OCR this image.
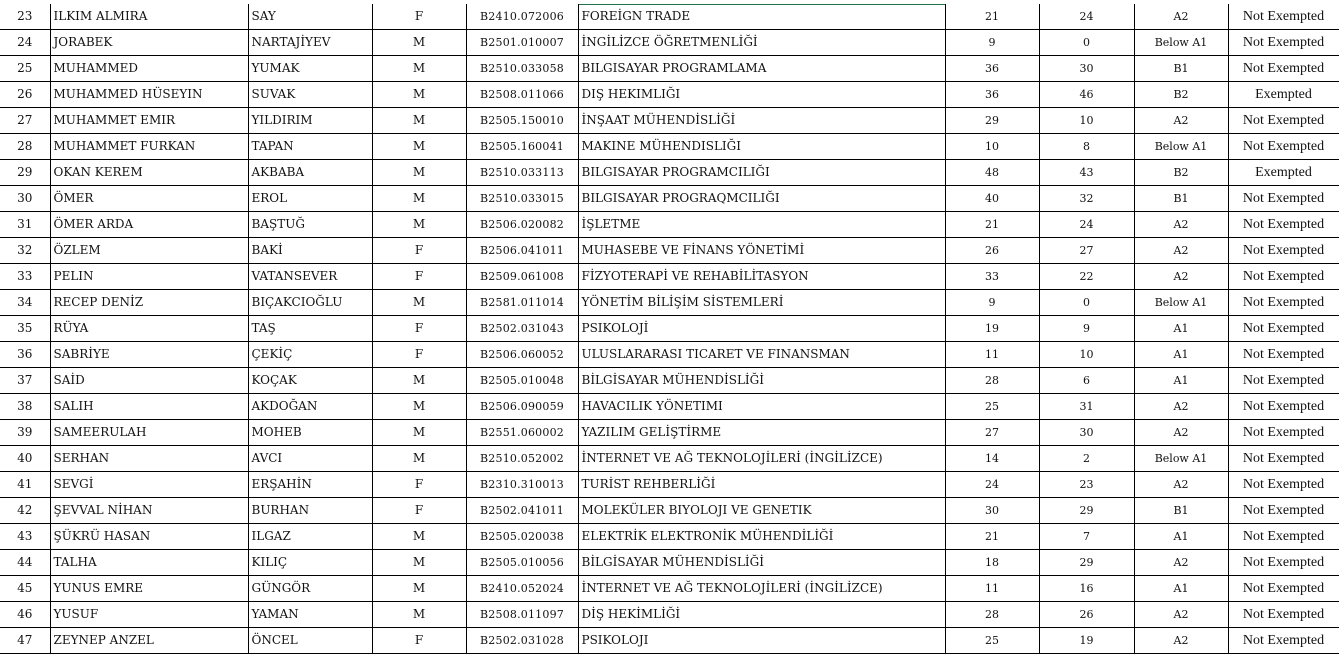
23	ILKIM ALMIRA	SAY	F	B2410.072006	FOREİGN TRADE	21	24	A2	Not Exempted
24	JORABEK	NARTAJİYEV	M	B2501.010007	İNGİLİZCE ÖĞRETMENLİĞİ	9	0	Below A1	Not Exempted
25	MUHAMMED	YUMAK	M	B2510.033058	BILGISAYAR PROGRAMLAMA	36	30	B1	Not Exempted
26	MUHAMMED HÜSEYIN	SUVAK	M	B2508.011066	DIŞ HEKIMLIĞI	36	46	B2	Exempted
27	MUHAMMET EMIR	YILDIRIM	M	B2505.150010	İNŞAAT MÜHENDİSLİĞİ	29	10	A2	Not Exempted
28	MUHAMMET FURKAN	TAPAN	M	B2505.160041	MAKINE MÜHENDISLIĞI	10	8	Below A1	Not Exempted
29	OKAN KEREM	AKBABA	M	B2510.033113	BILGISAYAR PROGRAMCILIĞI	48	43	B2	Exempted
30	ÖMER	EROL	M	B2510.033015	BILGISAYAR PROGRAQMCILIĞI	40	32	B1	Not Exempted
31	ÖMER ARDA	BAŞTUĞ	M	B2506.020082	İŞLETME	21	24	A2	Not Exempted
32	ÖZLEM	BAKİ	F	B2506.041011	MUHASEBE VE FİNANS YÖNETİMİ	26	27	A2	Not Exempted
33	PELIN	VATANSEVER	F	B2509.061008	FİZYOTERAPİ VE REHABİLİTASYON	33	22	A2	Not Exempted
34	RECEP DENİZ	BIÇAKCIOĞLU	M	B2581.011014	YÖNETİM BİLİŞİM SİSTEMLERİ	9	0	Below A1	Not Exempted
35	RÜYA	TAŞ	F	B2502.031043	PSIKOLOJİ	19	9	A1	Not Exempted
36	SABRİYE	ÇEKİÇ	F	B2506.060052	ULUSLARARASI TICARET VE FINANSMAN	11	10	A1	Not Exempted
37	SAİD	KOÇAK	M	B2505.010048	BİLGİSAYAR MÜHENDİSLİĞİ	28	6	A1	Not Exempted
38	SALIH	AKDOĞAN	M	B2506.090059	HAVACILIK YÖNETIMI	25	31	A2	Not Exempted
39	SAMEERULAH	MOHEB	M	B2551.060002	YAZILIM GELİŞTİRME	27	30	A2	Not Exempted
40	SERHAN	AVCI	M	B2510.052002	İNTERNET VE AĞ TEKNOLOJİLERİ (İNGİLİZCE)	14	2	Below A1	Not Exempted
41	SEVGİ	ERŞAHİN	F	B2310.310013	TURİST REHBERLİĞİ	24	23	A2	Not Exempted
42	ŞEVVAL NİHAN	BURHAN	F	B2502.041011	MOLEKÜLER BIYOLOJI VE GENETIK	30	29	B1	Not Exempted
43	ŞÜKRÜ HASAN	ILGAZ	M	B2505.020038	ELEKTRİK ELEKTRONİK MÜHENDİLİĞİ	21	7	A1	Not Exempted
44	TALHA	KILIÇ	M	B2505.010056	BİLGİSAYAR MÜHENDİSLİĞİ	18	29	A2	Not Exempted
45	YUNUS EMRE	GÜNGÖR	M	B2410.052024	İNTERNET VE AĞ TEKNOLOJİLERİ (İNGİLİZCE)	11	16	A1	Not Exempted
46	YUSUF	YAMAN	M	B2508.011097	DİŞ HEKİMLİĞİ	28	26	A2	Not Exempted
47	ZEYNEP ANZEL	ÖNCEL	F	B2502.031028	PSIKOLOJI	25	19	A2	Not Exempted
